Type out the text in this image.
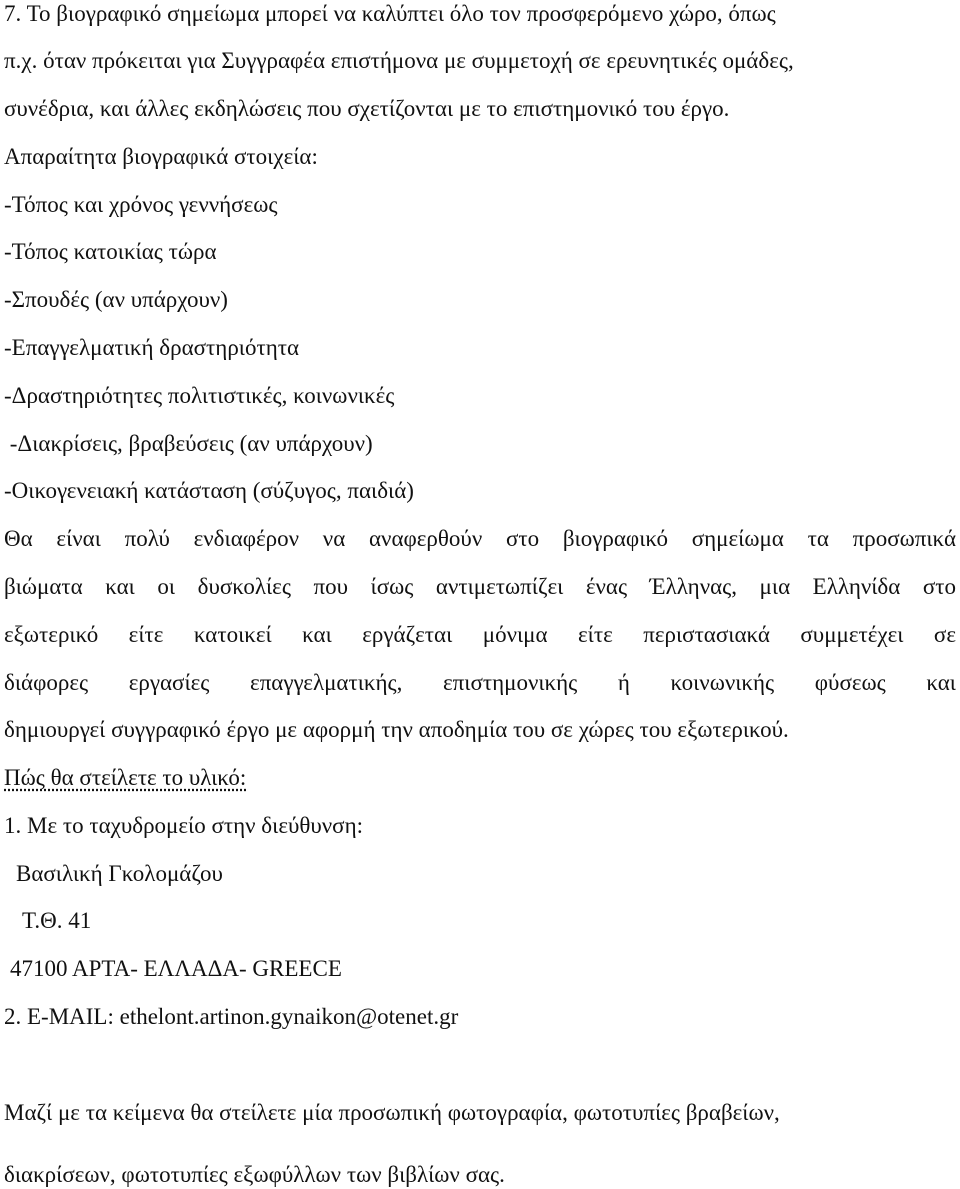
7. Το βιογραφικό σημείωμα μπορεί να καλύπτει όλο τον προσφερόμενο χώρο, όπως
π.χ. όταν πρόκειται για Συγγραφέα επιστήμονα με συμμετοχή σε ερευνητικές ομάδες,
συνέδρια, και άλλες εκδηλώσεις που σχετίζονται με το επιστημονικό του έργο.
Απαραίτητα βιογραφικά στοιχεία:
-Τόπος και χρόνος γεννήσεως
-Τόπος κατοικίας τώρα
-Σπουδές (αν υπάρχουν)
-Επαγγελματική δραστηριότητα
-Δραστηριότητες πολιτιστικές, κοινωνικές
-Διακρίσεις, βραβεύσεις (αν υπάρχουν)
-Οικογενειακή κατάσταση (σύζυγος, παιδιά)
Θα είναι πολύ ενδιαφέρον να αναφερθούν στο βιογραφικό σημείωμα τα προσωπικά
βιώματα και οι δυσκολίες που ίσως αντιμετωπίζει ένας Έλληνας, μια Ελληνίδα στο
εξωτερικό είτε κατοικεί και εργάζεται μόνιμα είτε περιστασιακά συμμετέχει σε
διάφορες εργασίες επαγγελματικής, επιστημονικής ή κοινωνικής φύσεως και
δημιουργεί συγγραφικό έργο με αφορμή την αποδημία του σε χώρες του εξωτερικού.
Πώς θα στείλετε το υλικό:
1. Με το ταχυδρομείο στην διεύθυνση:
Βασιλική Γκολομάζου
Τ.Θ. 41
47100 ΑΡΤΑ- ΕΛΛΑΔΑ- GREECE
2. E-MAIL: ethelont.artinon.gynaikon@otenet.gr
Μαζί με τα κείμενα θα στείλετε μία προσωπική φωτογραφία, φωτοτυπίες βραβείων,
διακρίσεων, φωτοτυπίες εξωφύλλων των βιβλίων σας.
